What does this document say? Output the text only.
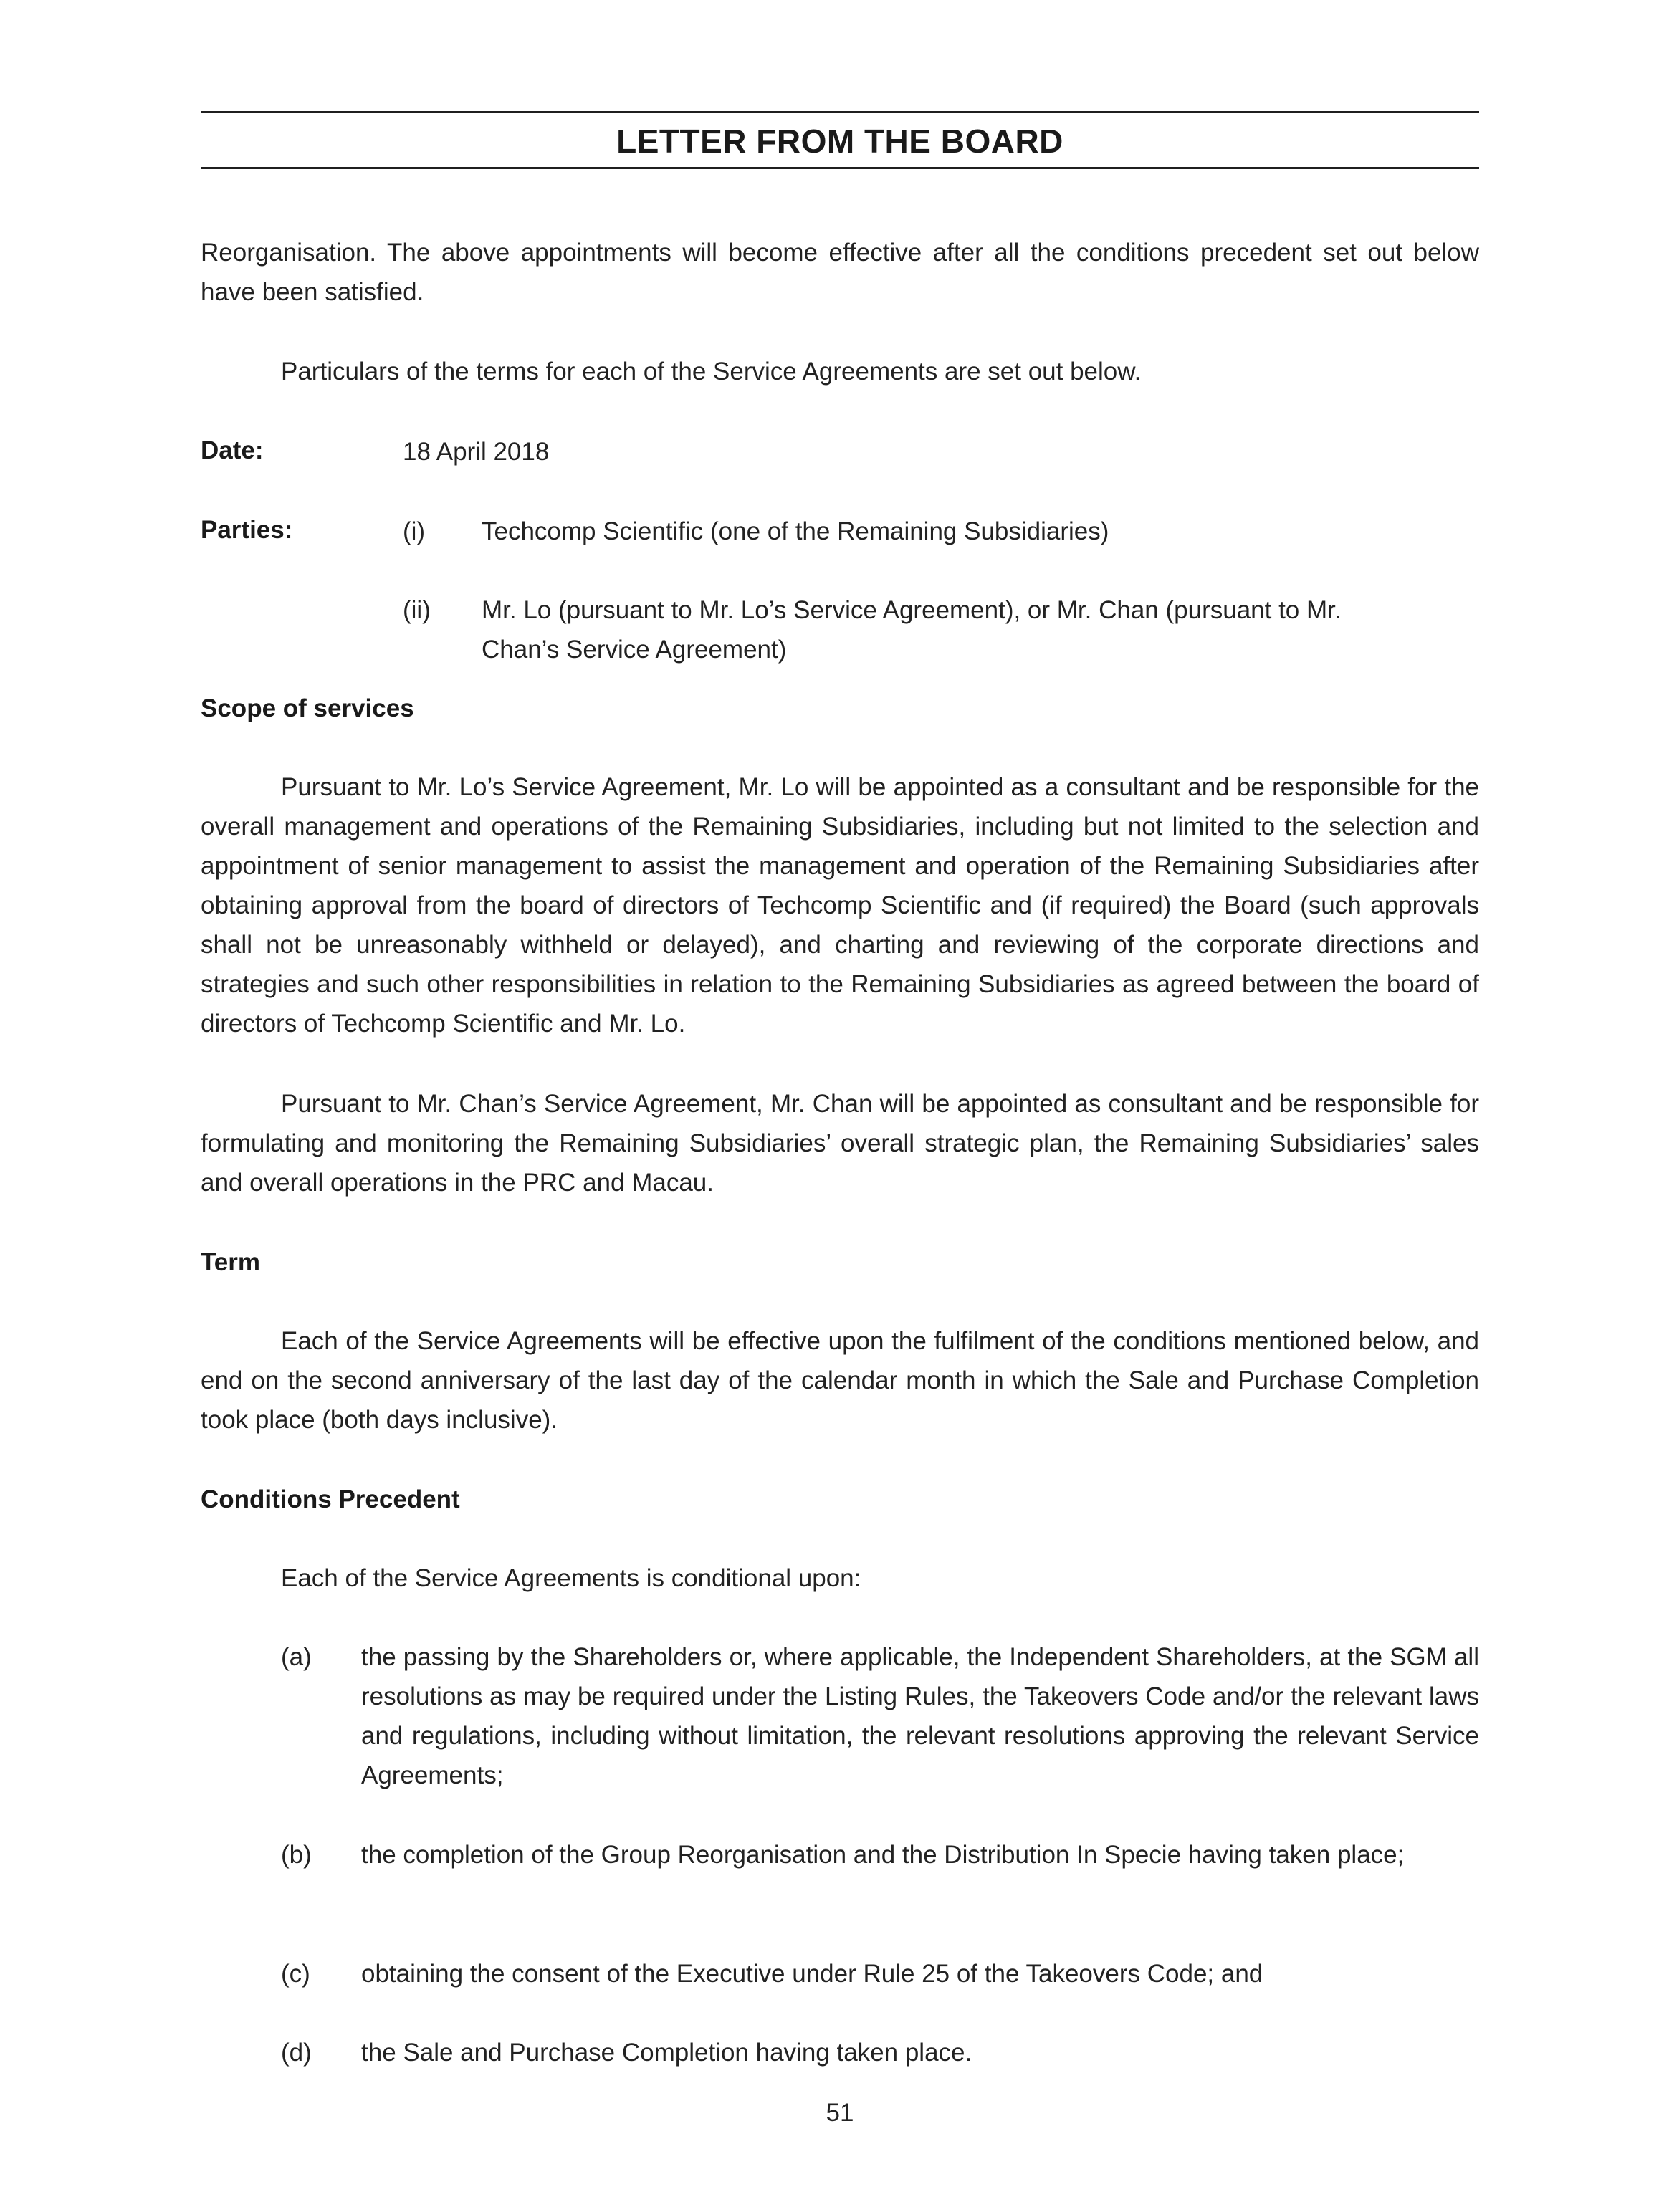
LETTER FROM THE BOARD
Reorganisation. The above appointments will become effective after all the conditions precedent set out below have been satisfied.
Particulars of the terms for each of the Service Agreements are set out below.
Date:	18 April 2018
Parties:	(i) Techcomp Scientific (one of the Remaining Subsidiaries)
(ii) Mr. Lo (pursuant to Mr. Lo’s Service Agreement), or Mr. Chan (pursuant to Mr. Chan’s Service Agreement)
Scope of services
Pursuant to Mr. Lo’s Service Agreement, Mr. Lo will be appointed as a consultant and be responsible for the overall management and operations of the Remaining Subsidiaries, including but not limited to the selection and appointment of senior management to assist the management and operation of the Remaining Subsidiaries after obtaining approval from the board of directors of Techcomp Scientific and (if required) the Board (such approvals shall not be unreasonably withheld or delayed), and charting and reviewing of the corporate directions and strategies and such other responsibilities in relation to the Remaining Subsidiaries as agreed between the board of directors of Techcomp Scientific and Mr. Lo.
Pursuant to Mr. Chan’s Service Agreement, Mr. Chan will be appointed as consultant and be responsible for formulating and monitoring the Remaining Subsidiaries’ overall strategic plan, the Remaining Subsidiaries’ sales and overall operations in the PRC and Macau.
Term
Each of the Service Agreements will be effective upon the fulfilment of the conditions mentioned below, and end on the second anniversary of the last day of the calendar month in which the Sale and Purchase Completion took place (both days inclusive).
Conditions Precedent
Each of the Service Agreements is conditional upon:
(a) the passing by the Shareholders or, where applicable, the Independent Shareholders, at the SGM all resolutions as may be required under the Listing Rules, the Takeovers Code and/or the relevant laws and regulations, including without limitation, the relevant resolutions approving the relevant Service Agreements;
(b) the completion of the Group Reorganisation and the Distribution In Specie having taken place;
(c) obtaining the consent of the Executive under Rule 25 of the Takeovers Code; and
(d) the Sale and Purchase Completion having taken place.
51
